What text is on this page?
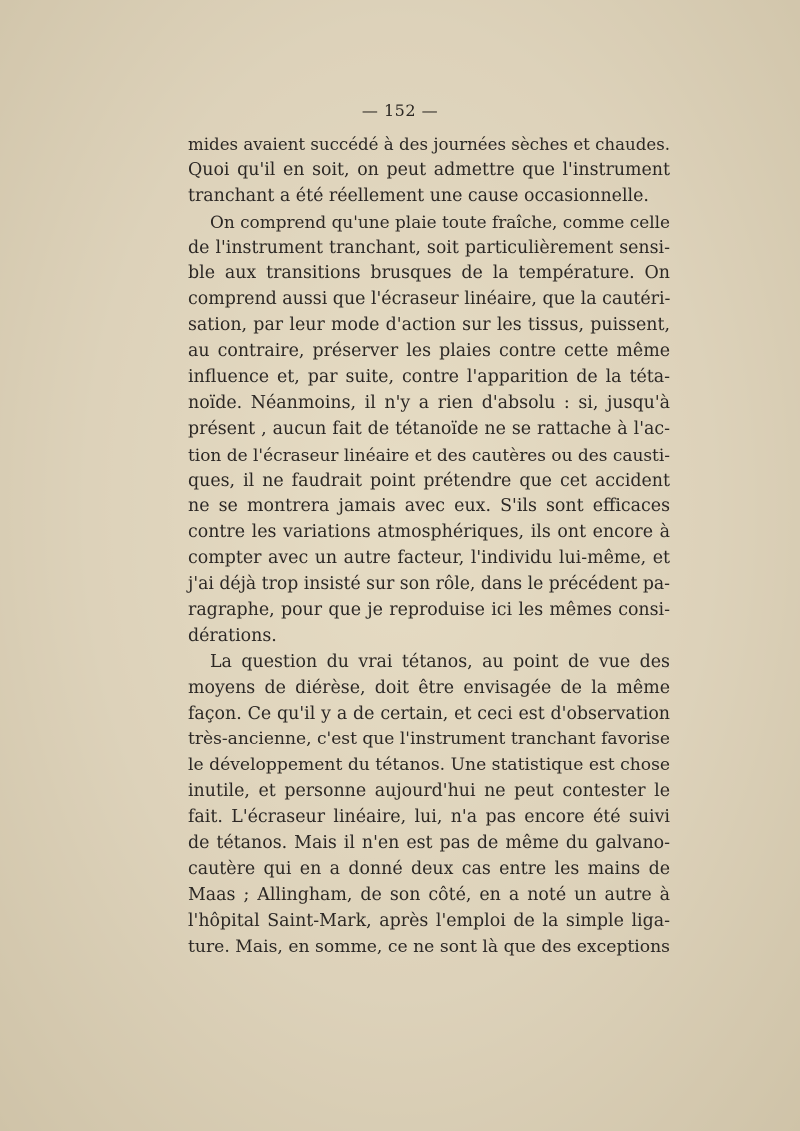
— 152 —
mides avaient succédé à des journées sèches et chaudes.
Quoi qu'il en soit, on peut admettre que l'instrument
tranchant a été réellement une cause occasionnelle.
On comprend qu'une plaie toute fraîche, comme celle
de l'instrument tranchant, soit particulièrement sensi-
ble aux transitions brusques de la température. On
comprend aussi que l'écraseur linéaire, que la cautéri-
sation, par leur mode d'action sur les tissus, puissent,
au contraire, préserver les plaies contre cette même
influence et, par suite, contre l'apparition de la téta-
noïde. Néanmoins, il n'y a rien d'absolu : si, jusqu'à
présent , aucun fait de tétanoïde ne se rattache à l'ac-
tion de l'écraseur linéaire et des cautères ou des causti-
ques, il ne faudrait point prétendre que cet accident
ne se montrera jamais avec eux. S'ils sont efficaces
contre les variations atmosphériques, ils ont encore à
compter avec un autre facteur, l'individu lui-même, et
j'ai déjà trop insisté sur son rôle, dans le précédent pa-
ragraphe, pour que je reproduise ici les mêmes consi-
dérations.
La question du vrai tétanos, au point de vue des
moyens de diérèse, doit être envisagée de la même
façon. Ce qu'il y a de certain, et ceci est d'observation
très-ancienne, c'est que l'instrument tranchant favorise
le développement du tétanos. Une statistique est chose
inutile, et personne aujourd'hui ne peut contester le
fait. L'écraseur linéaire, lui, n'a pas encore été suivi
de tétanos. Mais il n'en est pas de même du galvano-
cautère qui en a donné deux cas entre les mains de
Maas ; Allingham, de son côté, en a noté un autre à
l'hôpital Saint-Mark, après l'emploi de la simple liga-
ture. Mais, en somme, ce ne sont là que des exceptions
